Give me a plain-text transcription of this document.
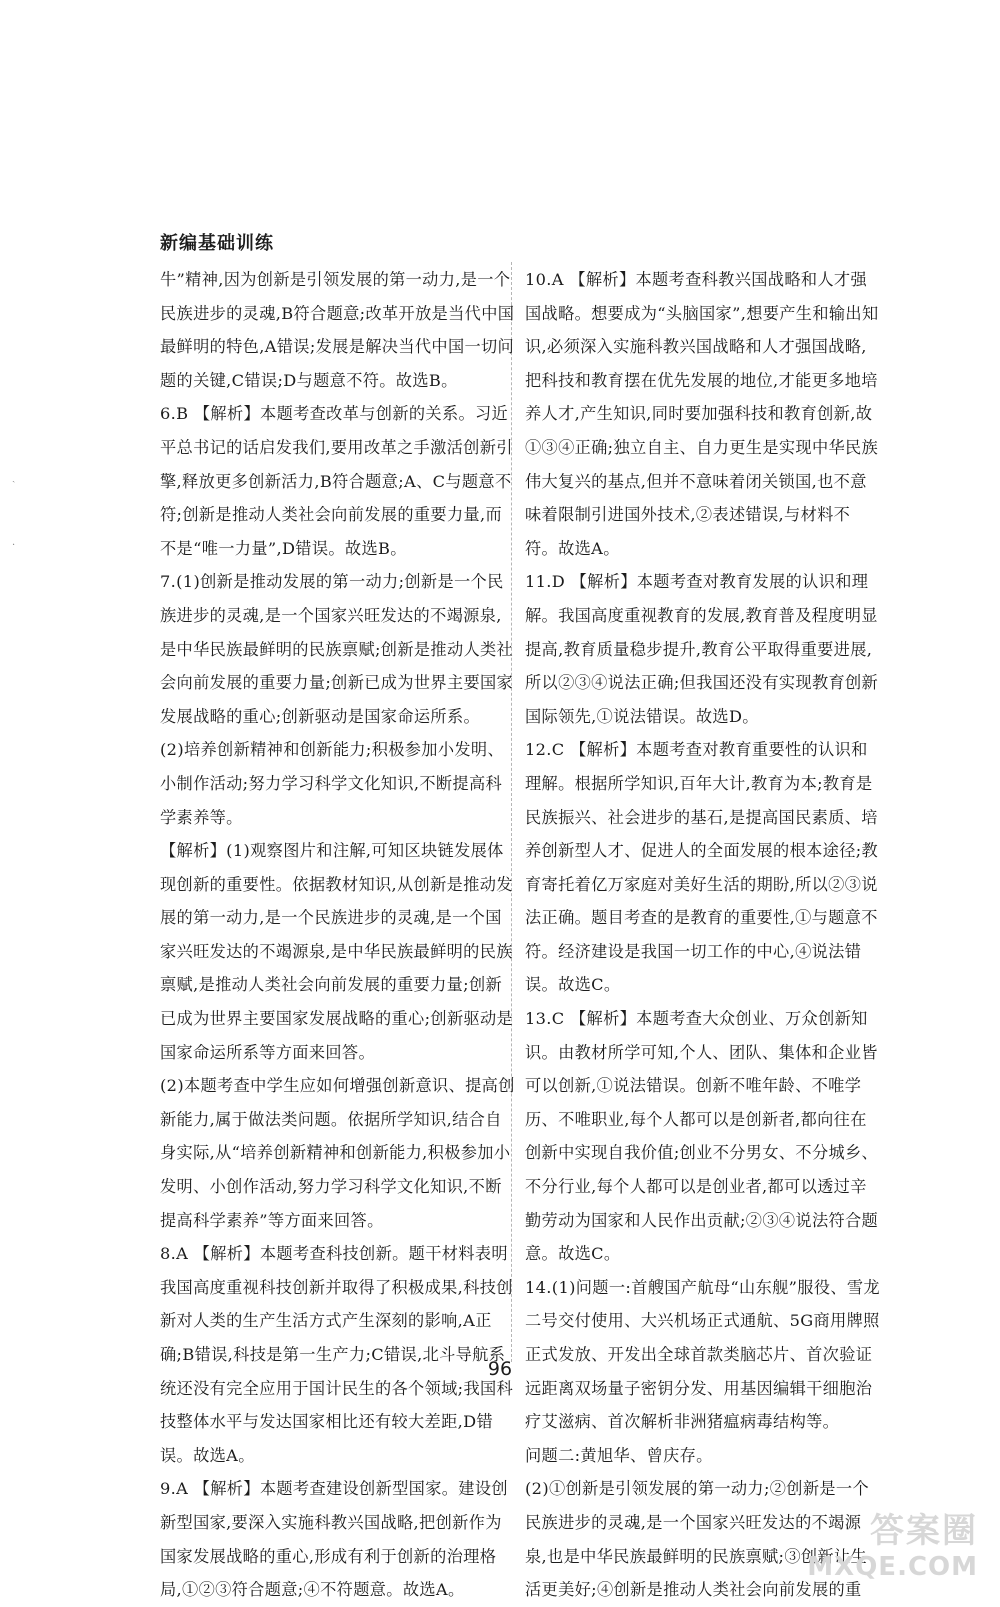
新编基础训练

牛”精神,因为创新是引领发展的第一动力,是一个民族进步的灵魂,B符合题意;改革开放是当代中国最鲜明的特色,A错误;发展是解决当代中国一切问题的关键,C错误;D与题意不符。故选B。

6.B 【解析】本题考查改革与创新的关系。习近平总书记的话启发我们,要用改革之手激活创新引擎,释放更多创新活力,B符合题意;A、C与题意不符;创新是推动人类社会向前发展的重要力量,而不是“唯一力量”,D错误。故选B。

7.(1)创新是推动发展的第一动力;创新是一个民族进步的灵魂,是一个国家兴旺发达的不竭源泉,是中华民族最鲜明的民族禀赋;创新是推动人类社会向前发展的重要力量;创新已成为世界主要国家发展战略的重心;创新驱动是国家命运所系。

(2)培养创新精神和创新能力;积极参加小发明、小制作活动;努力学习科学文化知识,不断提高科学素养等。

【解析】(1)观察图片和注解,可知区块链发展体现创新的重要性。依据教材知识,从创新是推动发展的第一动力,是一个民族进步的灵魂,是一个国家兴旺发达的不竭源泉,是中华民族最鲜明的民族禀赋,是推动人类社会向前发展的重要力量;创新已成为世界主要国家发展战略的重心;创新驱动是国家命运所系等方面来回答。

(2)本题考查中学生应如何增强创新意识、提高创新能力,属于做法类问题。依据所学知识,结合自身实际,从“培养创新精神和创新能力,积极参加小发明、小创作活动,努力学习科学文化知识,不断提高科学素养”等方面来回答。

8.A 【解析】本题考查科技创新。题干材料表明我国高度重视科技创新并取得了积极成果,科技创新对人类的生产生活方式产生深刻的影响,A正确;B错误,科技是第一生产力;C错误,北斗导航系统还没有完全应用于国计民生的各个领域;我国科技整体水平与发达国家相比还有较大差距,D错误。故选A。

9.A 【解析】本题考查建设创新型国家。建设创新型国家,要深入实施科教兴国战略,把创新作为国家发展战略的重心,形成有利于创新的治理格局,①②③符合题意;④不符题意。故选A。

10.A 【解析】本题考查科教兴国战略和人才强国战略。想要成为“头脑国家”,想要产生和输出知识,必须深入实施科教兴国战略和人才强国战略,把科技和教育摆在优先发展的地位,才能更多地培养人才,产生知识,同时要加强科技和教育创新,故①③④正确;独立自主、自力更生是实现中华民族伟大复兴的基点,但并不意味着闭关锁国,也不意味着限制引进国外技术,②表述错误,与材料不符。故选A。

11.D 【解析】本题考查对教育发展的认识和理解。我国高度重视教育的发展,教育普及程度明显提高,教育质量稳步提升,教育公平取得重要进展,所以②③④说法正确;但我国还没有实现教育创新国际领先,①说法错误。故选D。

12.C 【解析】本题考查对教育重要性的认识和理解。根据所学知识,百年大计,教育为本;教育是民族振兴、社会进步的基石,是提高国民素质、培养创新型人才、促进人的全面发展的根本途径;教育寄托着亿万家庭对美好生活的期盼,所以②③说法正确。题目考查的是教育的重要性,①与题意不符。经济建设是我国一切工作的中心,④说法错误。故选C。

13.C 【解析】本题考查大众创业、万众创新知识。由教材所学可知,个人、团队、集体和企业皆可以创新,①说法错误。创新不唯年龄、不唯学历、不唯职业,每个人都可以是创新者,都向往在创新中实现自我价值;创业不分男女、不分城乡、不分行业,每个人都可以是创业者,都可以透过辛勤劳动为国家和人民作出贡献;②③④说法符合题意。故选C。

14.(1)问题一:首艘国产航母“山东舰”服役、雪龙二号交付使用、大兴机场正式通航、5G商用牌照正式发放、开发出全球首款类脑芯片、首次验证远距离双场量子密钥分发、用基因编辑干细胞治疗艾滋病、首次解析非洲猪瘟病毒结构等。

问题二:黄旭华、曾庆存。

(2)①创新是引领发展的第一动力;②创新是一个民族进步的灵魂,是一个国家兴旺发达的不竭源泉,也是中华民族最鲜明的民族禀赋;③创新让生活更美好;④创新是推动人类社会向前发展的重

96
ˎ
·
答案圈
MXQE.COM
